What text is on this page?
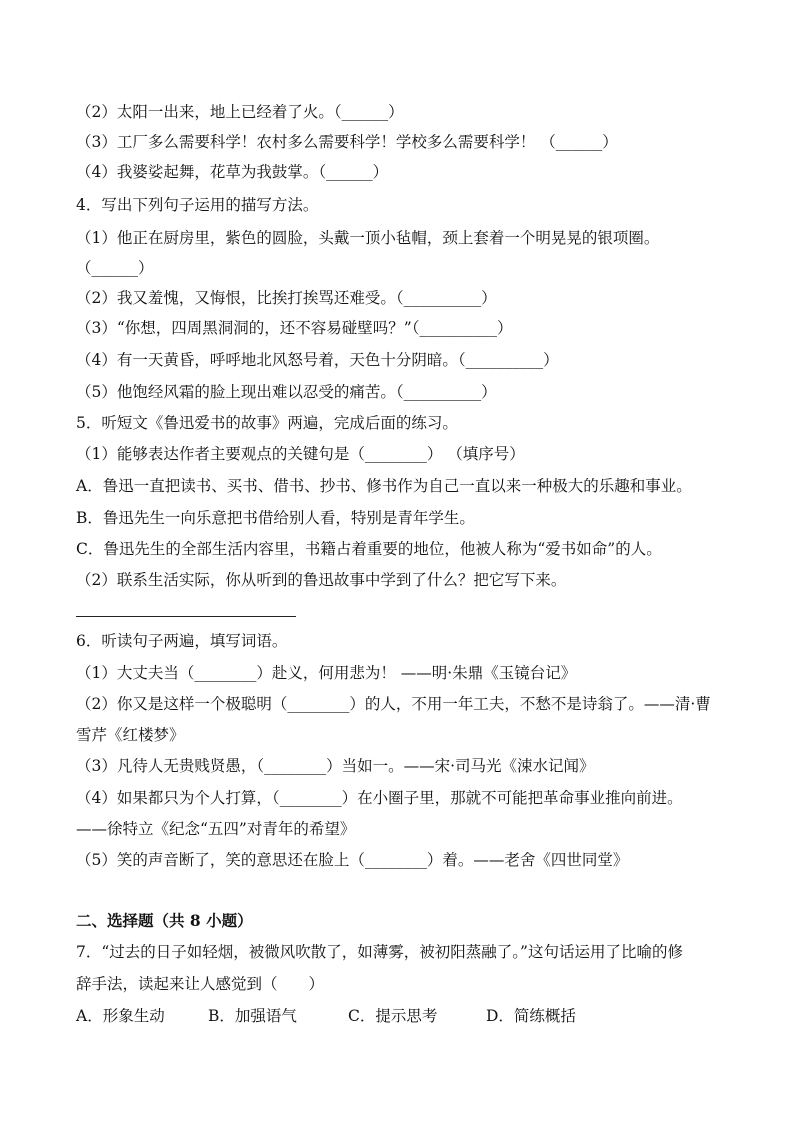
（2）太阳一出来，地上已经着了火。（______）
（3）工厂多么需要科学！农村多么需要科学！学校多么需要科学！ （______）
（4）我婆娑起舞，花草为我鼓掌。（______）
4．写出下列句子运用的描写方法。
（1）他正在厨房里，紫色的圆脸，头戴一顶小毡帽，颈上套着一个明晃晃的银项圈。
（______）
（2）我又羞愧，又悔恨，比挨打挨骂还难受。（__________）
（3）“你想，四周黑洞洞的，还不容易碰壁吗？”（__________）
（4）有一天黄昏，呼呼地北风怒号着，天色十分阴暗。（__________）
（5）他饱经风霜的脸上现出难以忍受的痛苦。（__________）
5．听短文《鲁迅爱书的故事》两遍，完成后面的练习。
（1）能够表达作者主要观点的关键句是（________） （填序号）
A．鲁迅一直把读书、买书、借书、抄书、修书作为自己一直以来一种极大的乐趣和事业。
B．鲁迅先生一向乐意把书借给别人看，特别是青年学生。
C．鲁迅先生的全部生活内容里，书籍占着重要的地位，他被人称为“爱书如命”的人。
（2）联系生活实际，你从听到的鲁迅故事中学到了什么？把它写下来。
6．听读句子两遍，填写词语。
（1）大丈夫当（________）赴义，何用悲为！ ——明·朱鼎《玉镜台记》
（2）你又是这样一个极聪明（________）的人，不用一年工夫，不愁不是诗翁了。——清·曹
雪芹《红楼梦》
（3）凡待人无贵贱贤愚，（________）当如一。——宋·司马光《涑水记闻》
（4）如果都只为个人打算，（________）在小圈子里，那就不可能把革命事业推向前进。
——徐特立《纪念“五四”对青年的希望》
（5）笑的声音断了，笑的意思还在脸上（________）着。——老舍《四世同堂》
二、选择题（共 8 小题）
7．“过去的日子如轻烟，被微风吹散了，如薄雾，被初阳蒸融了。”这句话运用了比喻的修
辞手法，读起来让人感觉到（　　）
A．形象生动	B．加强语气	C．提示思考	D．简练概括
